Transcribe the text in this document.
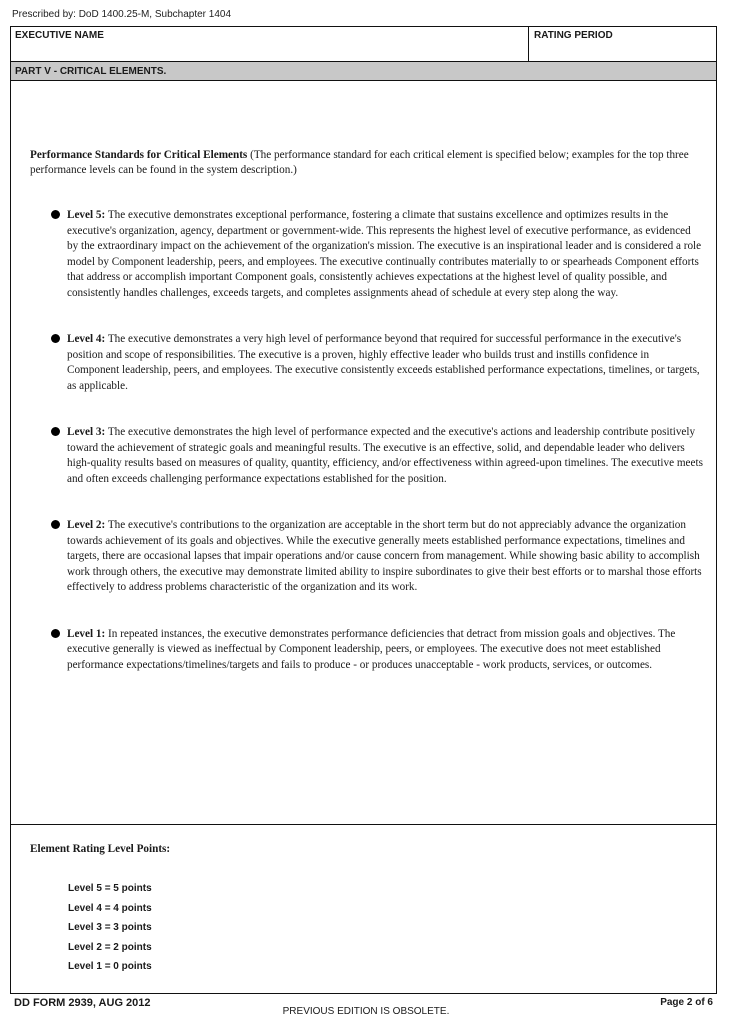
Prescribed by: DoD 1400.25-M, Subchapter 1404
EXECUTIVE NAME	RATING PERIOD
PART V - CRITICAL ELEMENTS.
Performance Standards for Critical Elements (The performance standard for each critical element is specified below; examples for the top three performance levels can be found in the system description.)
Level 5: The executive demonstrates exceptional performance, fostering a climate that sustains excellence and optimizes results in the executive's organization, agency, department or government-wide. This represents the highest level of executive performance, as evidenced by the extraordinary impact on the achievement of the organization's mission. The executive is an inspirational leader and is considered a role model by Component leadership, peers, and employees. The executive continually contributes materially to or spearheads Component efforts that address or accomplish important Component goals, consistently achieves expectations at the highest level of quality possible, and consistently handles challenges, exceeds targets, and completes assignments ahead of schedule at every step along the way.
Level 4: The executive demonstrates a very high level of performance beyond that required for successful performance in the executive's position and scope of responsibilities. The executive is a proven, highly effective leader who builds trust and instills confidence in Component leadership, peers, and employees. The executive consistently exceeds established performance expectations, timelines, or targets, as applicable.
Level 3: The executive demonstrates the high level of performance expected and the executive's actions and leadership contribute positively toward the achievement of strategic goals and meaningful results. The executive is an effective, solid, and dependable leader who delivers high-quality results based on measures of quality, quantity, efficiency, and/or effectiveness within agreed-upon timelines. The executive meets and often exceeds challenging performance expectations established for the position.
Level 2: The executive's contributions to the organization are acceptable in the short term but do not appreciably advance the organization towards achievement of its goals and objectives. While the executive generally meets established performance expectations, timelines and targets, there are occasional lapses that impair operations and/or cause concern from management. While showing basic ability to accomplish work through others, the executive may demonstrate limited ability to inspire subordinates to give their best efforts or to marshal those efforts effectively to address problems characteristic of the organization and its work.
Level 1: In repeated instances, the executive demonstrates performance deficiencies that detract from mission goals and objectives. The executive generally is viewed as ineffectual by Component leadership, peers, or employees. The executive does not meet established performance expectations/timelines/targets and fails to produce - or produces unacceptable - work products, services, or outcomes.
Element Rating Level Points:
Level 5 = 5 points
Level 4 = 4 points
Level 3 = 3 points
Level 2 = 2 points
Level 1 = 0 points
DD FORM 2939, AUG 2012
PREVIOUS EDITION IS OBSOLETE.
Page 2 of 6
